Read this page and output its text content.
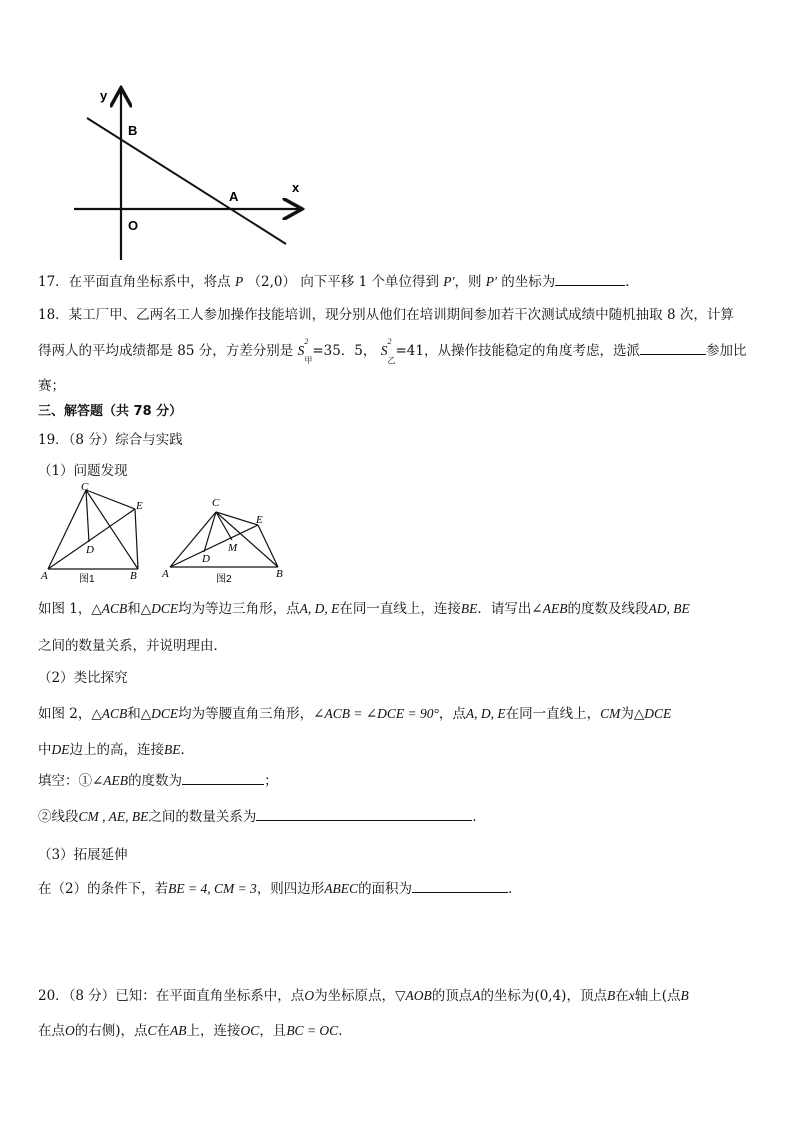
y
x
B
A
O
17．在平面直角坐标系中，将点 P （2,0） 向下平移 1 个单位得到 P′，则 P′ 的坐标为	．
18．某工厂甲、乙两名工人参加操作技能培训，现分别从他们在培训期间参加若干次测试成绩中随机抽取 8 次，计算
得两人的平均成绩都是 85 分，方差分别是 S
2
$_甲$=35．5， S
2
$_乙$=41，从操作技能稳定的角度考虑，选派	参加比
赛；
三、解答题（共 78 分）
19．（8 分）综合与实践
（1）问题发现
C
E
D
A	B
图1
C
E
D
M
A	B
图2
如图 1，△ACB和△DCE均为等边三角形，点A, D, E在同一直线上，连接BE．请写出∠AEB的度数及线段AD, BE
之间的数量关系，并说明理由．
（2）类比探究
如图 2，△ACB和△DCE均为等腰直角三角形，∠ACB = ∠DCE = 90°，点A, D, E在同一直线上，CM为△DCE
中DE边上的高，连接BE．
填空：①∠AEB的度数为	；
②线段CM , AE, BE之间的数量关系为	．
（3）拓展延伸
在（2）的条件下，若BE = 4, CM = 3，则四边形ABEC的面积为	．
20．（8 分）已知：在平面直角坐标系中，点O为坐标原点，▽AOB的顶点A的坐标为(0,4)，顶点B在x轴上(点B
在点O的右侧)，点C在AB上，连接OC，且BC = OC．
